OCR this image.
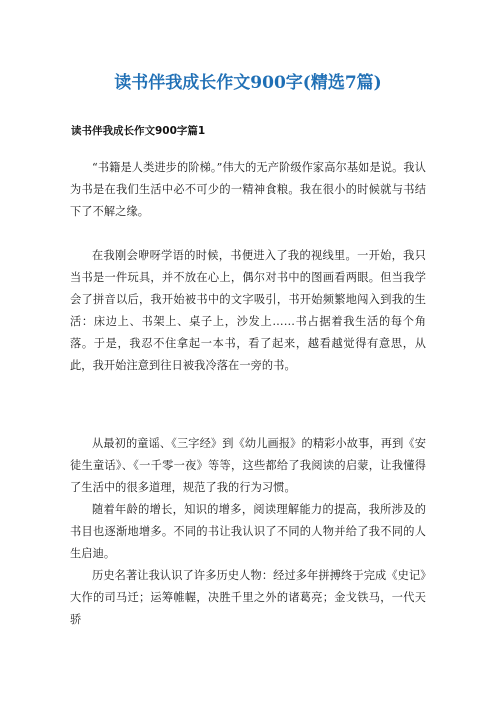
读书伴我成长作文900字(精选7篇)
读书伴我成长作文900字篇1

“书籍是人类进步的阶梯。”伟大的无产阶级作家高尔基如是说。我认为书是在我们生活中必不可少的一精神食粮。我在很小的时候就与书结下了不解之缘。

在我刚会咿呀学语的时候，书便进入了我的视线里。一开始，我只当书是一件玩具，并不放在心上，偶尔对书中的图画看两眼。但当我学会了拼音以后，我开始被书中的文字吸引，书开始频繁地闯入到我的生活：床边上、书架上、桌子上，沙发上……书占据着我生活的每个角落。于是，我忍不住拿起一本书，看了起来，越看越觉得有意思，从此，我开始注意到往日被我冷落在一旁的书。

从最初的童谣、《三字经》到《幼儿画报》的精彩小故事，再到《安徒生童话》、《一千零一夜》等等，这些都给了我阅读的启蒙，让我懂得了生活中的很多道理，规范了我的行为习惯。

随着年龄的增长，知识的增多，阅读理解能力的提高，我所涉及的书目也逐渐地增多。不同的书让我认识了不同的人物并给了我不同的人生启迪。

历史名著让我认识了许多历史人物：经过多年拼搏终于完成《史记》大作的司马迁；运筹帷幄，决胜千里之外的诸葛亮；金戈铁马，一代天骄
